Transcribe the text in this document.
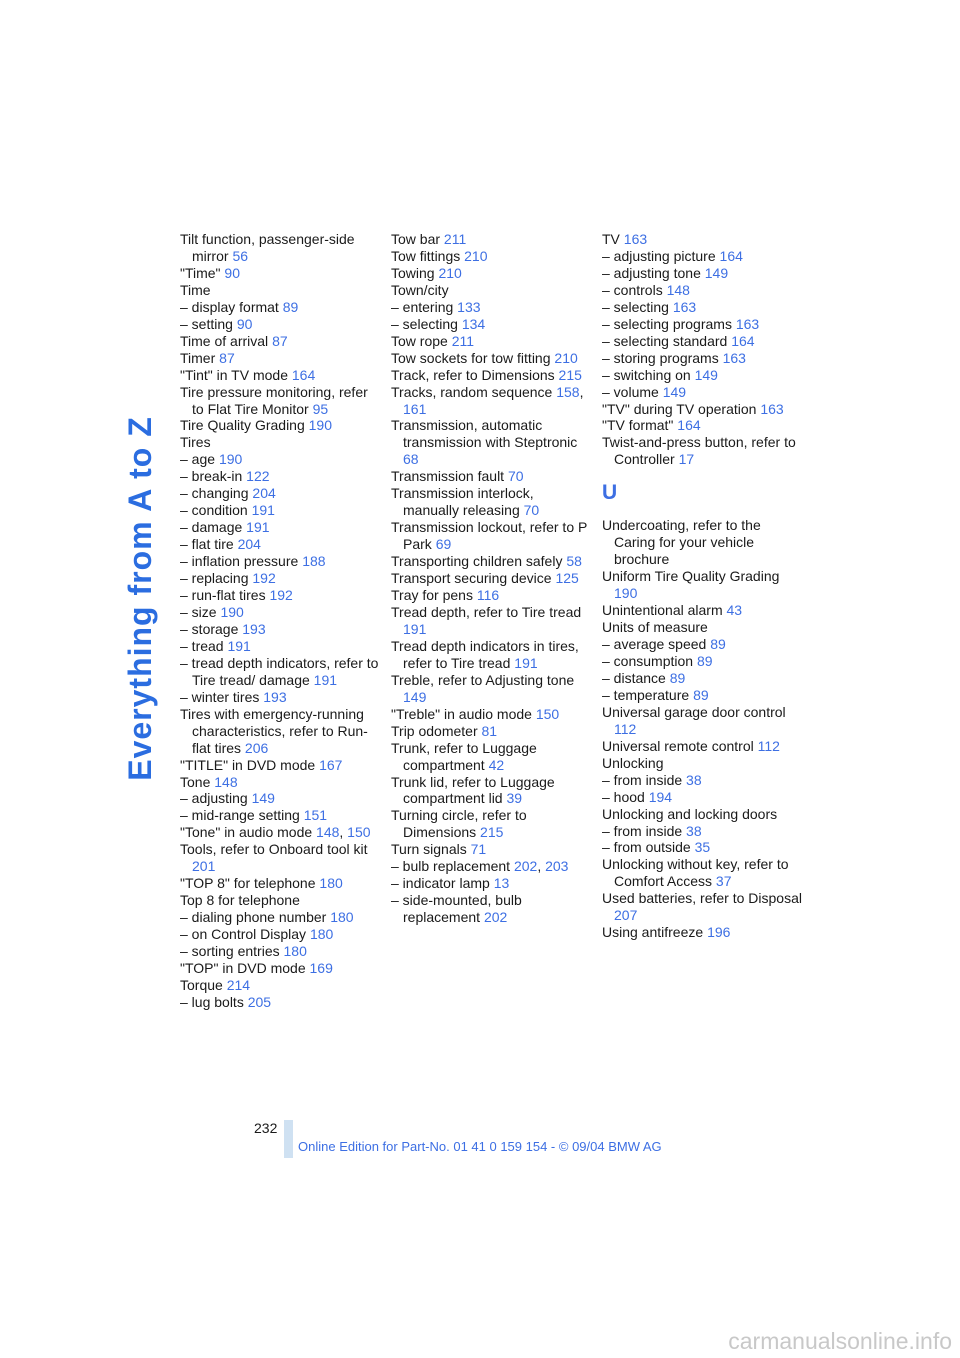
Everything from A to Z
Tilt function, passenger-side mirror 56
"Time" 90
Time
– display format 89
– setting 90
Time of arrival 87
Timer 87
"Tint" in TV mode 164
Tire pressure monitoring, refer to Flat Tire Monitor 95
Tire Quality Grading 190
Tires
– age 190
– break-in 122
– changing 204
– condition 191
– damage 191
– flat tire 204
– inflation pressure 188
– replacing 192
– run-flat tires 192
– size 190
– storage 193
– tread 191
– tread depth indicators, refer to Tire tread/ damage 191
– winter tires 193
Tires with emergency-running characteristics, refer to Run-flat tires 206
"TITLE" in DVD mode 167
Tone 148
– adjusting 149
– mid-range setting 151
"Tone" in audio mode 148, 150
Tools, refer to Onboard tool kit 201
"TOP 8" for telephone 180
Top 8 for telephone
– dialing phone number 180
– on Control Display 180
– sorting entries 180
"TOP" in DVD mode 169
Torque 214
– lug bolts 205
Tow bar 211
Tow fittings 210
Towing 210
Town/city
– entering 133
– selecting 134
Tow rope 211
Tow sockets for tow fitting 210
Track, refer to Dimensions 215
Tracks, random sequence 158, 161
Transmission, automatic transmission with Steptronic 68
Transmission fault 70
Transmission interlock, manually releasing 70
Transmission lockout, refer to P Park 69
Transporting children safely 58
Transport securing device 125
Tray for pens 116
Tread depth, refer to Tire tread 191
Tread depth indicators in tires, refer to Tire tread 191
Treble, refer to Adjusting tone 149
"Treble" in audio mode 150
Trip odometer 81
Trunk, refer to Luggage compartment 42
Trunk lid, refer to Luggage compartment lid 39
Turning circle, refer to Dimensions 215
Turn signals 71
– bulb replacement 202, 203
– indicator lamp 13
– side-mounted, bulb replacement 202
TV 163
– adjusting picture 164
– adjusting tone 149
– controls 148
– selecting 163
– selecting programs 163
– selecting standard 164
– storing programs 163
– switching on 149
– volume 149
"TV" during TV operation 163
"TV format" 164
Twist-and-press button, refer to Controller 17
U
Undercoating, refer to the Caring for your vehicle brochure
Uniform Tire Quality Grading 190
Unintentional alarm 43
Units of measure
– average speed 89
– consumption 89
– distance 89
– temperature 89
Universal garage door control 112
Universal remote control 112
Unlocking
– from inside 38
– hood 194
Unlocking and locking doors
– from inside 38
– from outside 35
Unlocking without key, refer to Comfort Access 37
Used batteries, refer to Disposal 207
Using antifreeze 196
232
Online Edition for Part-No. 01 41 0 159 154 - © 09/04 BMW AG
carmanualsonline.info
